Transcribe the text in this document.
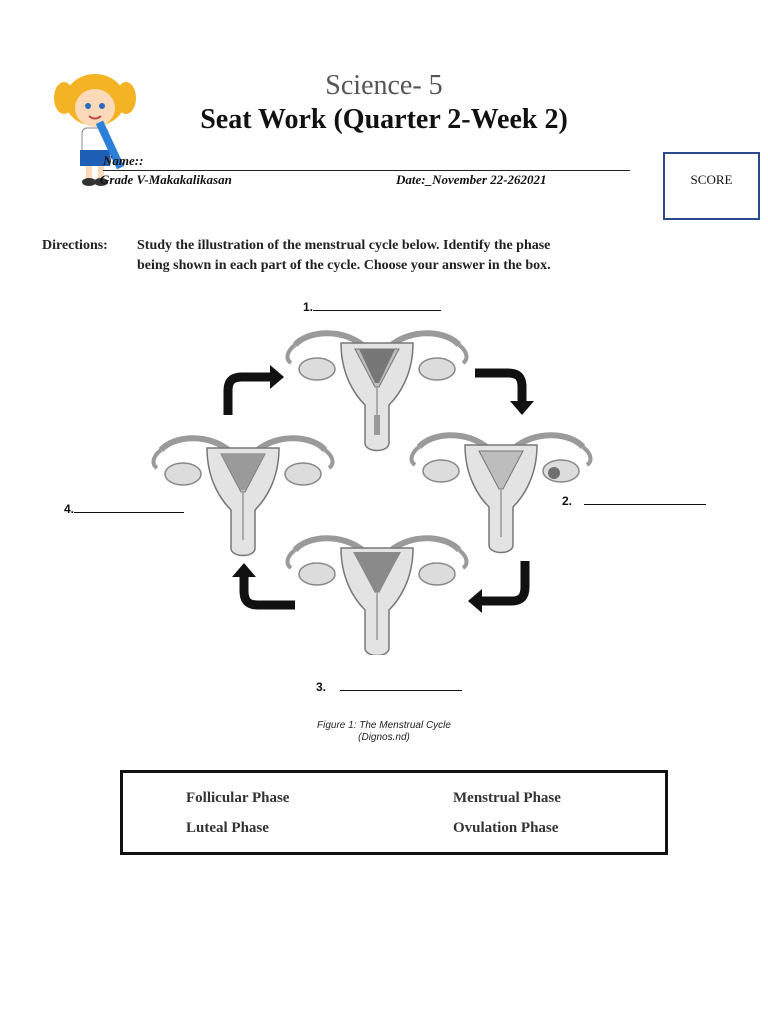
Science- 5
Seat Work (Quarter 2-Week 2)
Name::
Grade V-Makakalikasan	Date:_November 22-262021	SCORE
Directions: Study the illustration of the menstrual cycle below. Identify the phase
being shown in each part of the cycle. Choose your answer in the box.
1.
2.
3.
4.
Figure 1: The Menstrual Cycle
(Dignos.nd)
Follicular Phase	Menstrual Phase
Luteal Phase	Ovulation Phase
